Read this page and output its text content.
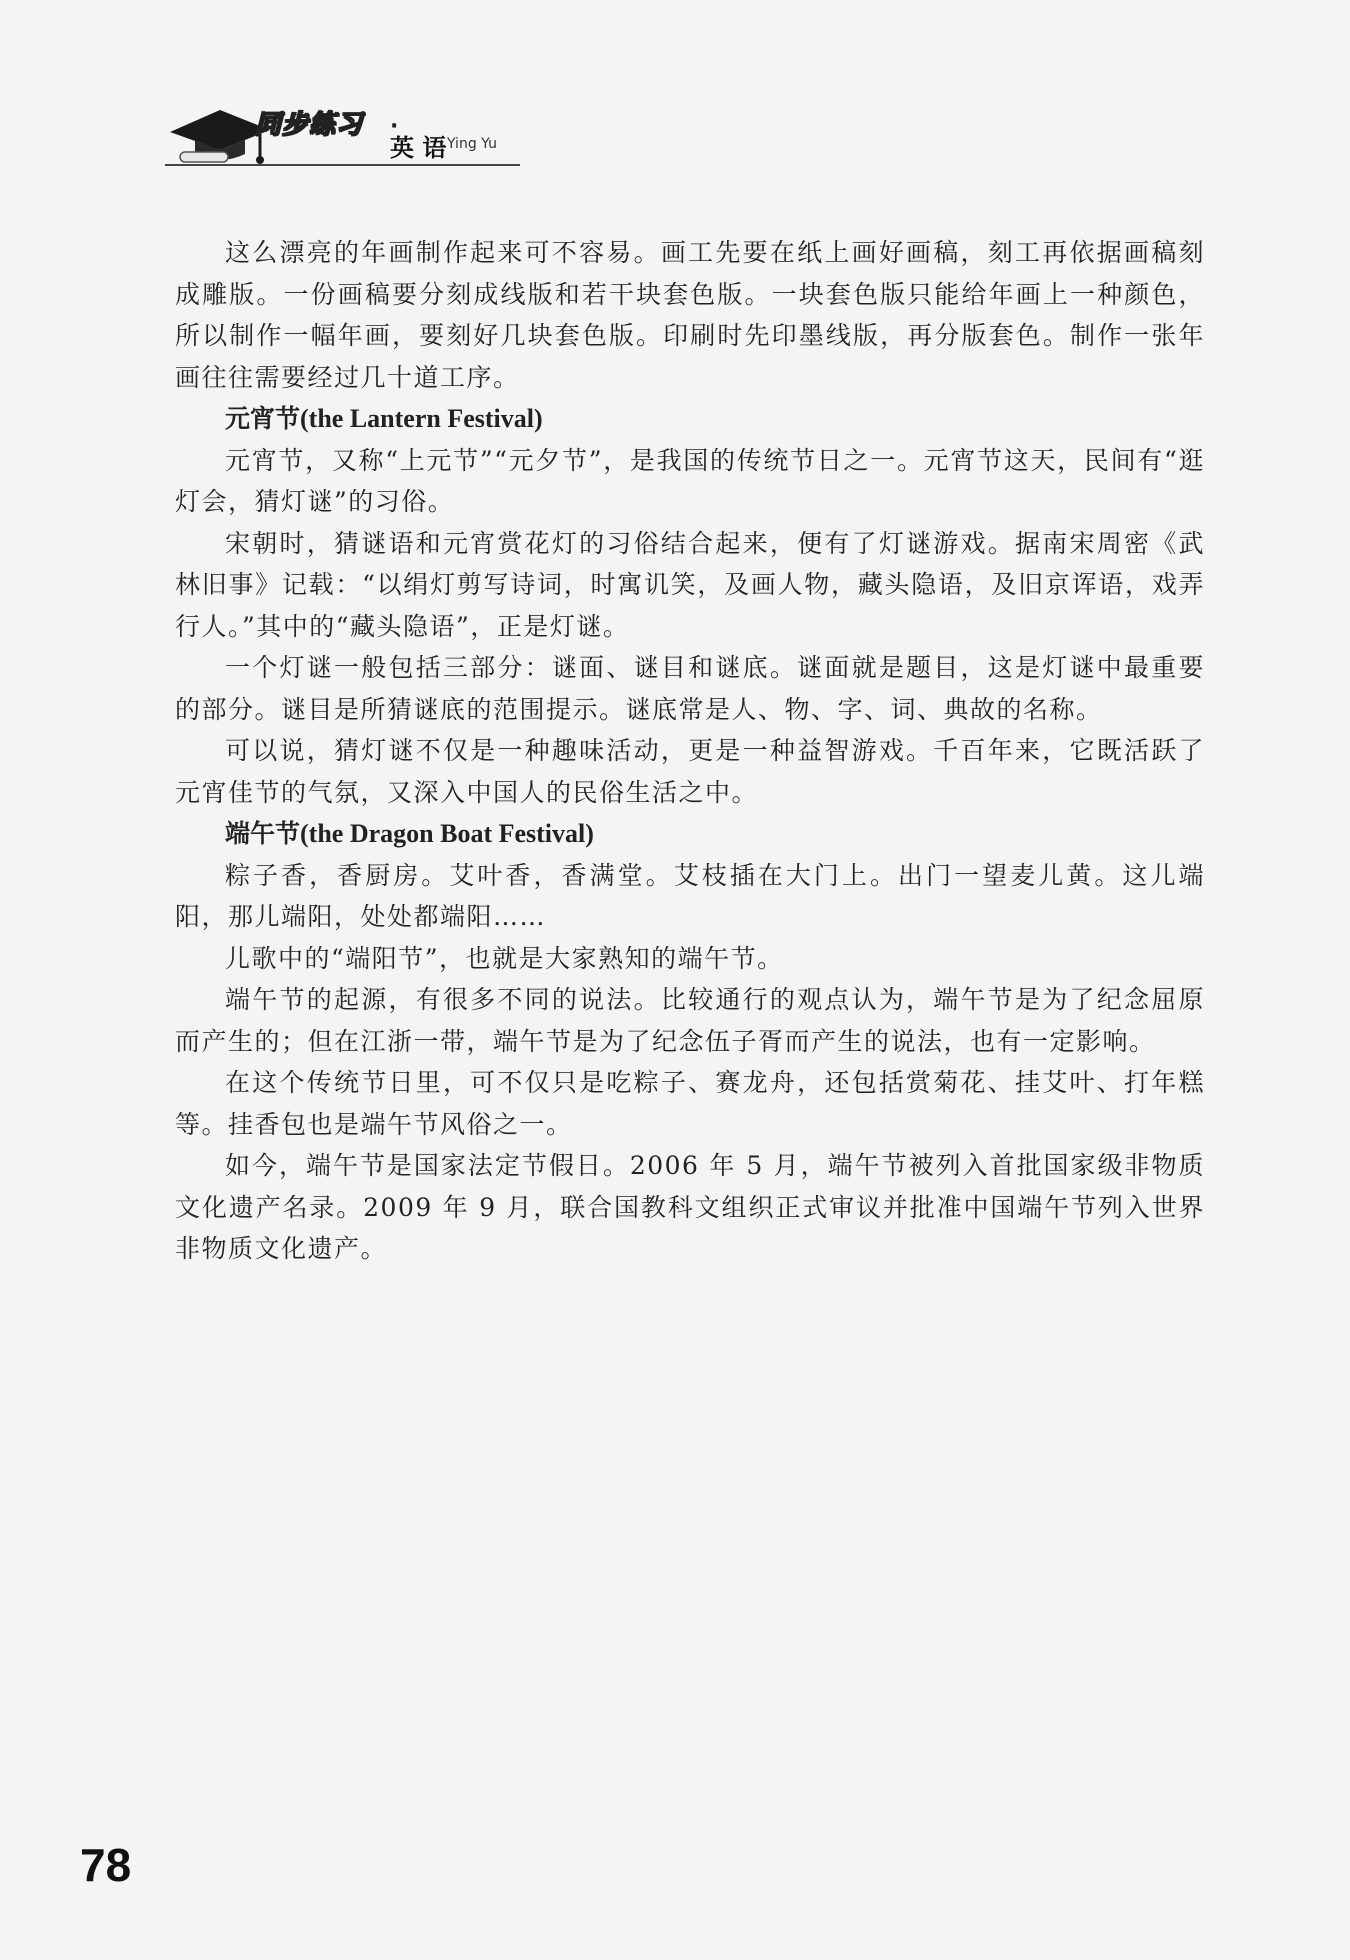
同步练习 ·
英 语 Ying Yu

这么漂亮的年画制作起来可不容易。画工先要在纸上画好画稿，刻工再依据画稿刻成雕版。一份画稿要分刻成线版和若干块套色版。一块套色版只能给年画上一种颜色，所以制作一幅年画，要刻好几块套色版。印刷时先印墨线版，再分版套色。制作一张年画往往需要经过几十道工序。

元宵节(the Lantern Festival)

元宵节，又称“上元节”“元夕节”，是我国的传统节日之一。元宵节这天，民间有“逛灯会，猜灯谜”的习俗。

宋朝时，猜谜语和元宵赏花灯的习俗结合起来，便有了灯谜游戏。据南宋周密《武林旧事》记载：“以绢灯剪写诗词，时寓讥笑，及画人物，藏头隐语，及旧京诨语，戏弄行人。”其中的“藏头隐语”，正是灯谜。

一个灯谜一般包括三部分：谜面、谜目和谜底。谜面就是题目，这是灯谜中最重要的部分。谜目是所猜谜底的范围提示。谜底常是人、物、字、词、典故的名称。

可以说，猜灯谜不仅是一种趣味活动，更是一种益智游戏。千百年来，它既活跃了元宵佳节的气氛，又深入中国人的民俗生活之中。

端午节(the Dragon Boat Festival)

粽子香，香厨房。艾叶香，香满堂。艾枝插在大门上。出门一望麦儿黄。这儿端阳，那儿端阳，处处都端阳……

儿歌中的“端阳节”，也就是大家熟知的端午节。

端午节的起源，有很多不同的说法。比较通行的观点认为，端午节是为了纪念屈原而产生的；但在江浙一带，端午节是为了纪念伍子胥而产生的说法，也有一定影响。

在这个传统节日里，可不仅只是吃粽子、赛龙舟，还包括赏菊花、挂艾叶、打年糕等。挂香包也是端午节风俗之一。

如今，端午节是国家法定节假日。2006 年 5 月，端午节被列入首批国家级非物质文化遗产名录。2009 年 9 月，联合国教科文组织正式审议并批准中国端午节列入世界非物质文化遗产。

78
